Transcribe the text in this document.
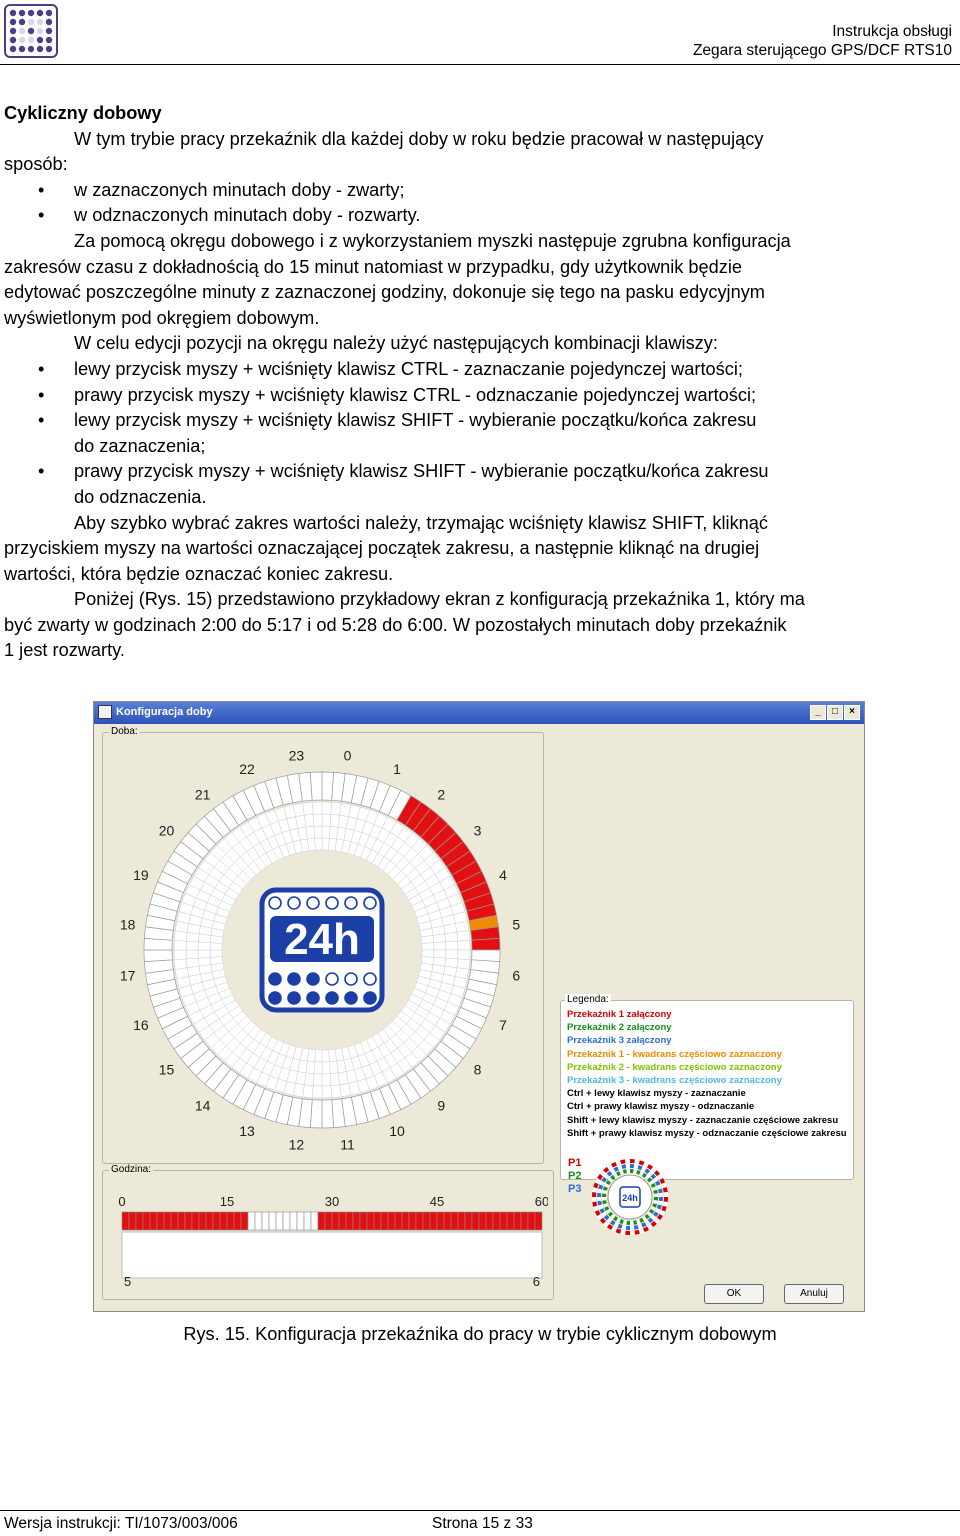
Instrukcja obsługi
Zegara sterującego GPS/DCF RTS10
Cykliczny dobowy
W tym trybie pracy przekaźnik dla każdej doby w roku będzie pracował w następujący
sposób:
• w zaznaczonych minutach doby - zwarty;
• w odznaczonych minutach doby - rozwarty.
Za pomocą okręgu dobowego i z wykorzystaniem myszki następuje zgrubna konfiguracja
zakresów czasu z dokładnością do 15 minut natomiast w przypadku, gdy użytkownik będzie
edytować poszczególne minuty z zaznaczonej godziny, dokonuje się tego na pasku edycyjnym
wyświetlonym pod okręgiem dobowym.
W celu edycji pozycji na okręgu należy użyć następujących kombinacji klawiszy:
• lewy przycisk myszy + wciśnięty klawisz CTRL - zaznaczanie pojedynczej wartości;
• prawy przycisk myszy + wciśnięty klawisz CTRL - odznaczanie pojedynczej wartości;
• lewy przycisk myszy + wciśnięty klawisz SHIFT - wybieranie początku/końca zakresu
do zaznaczenia;
• prawy przycisk myszy + wciśnięty klawisz SHIFT - wybieranie początku/końca zakresu
do odznaczenia.
Aby szybko wybrać zakres wartości należy, trzymając wciśnięty klawisz SHIFT, kliknąć
przyciskiem myszy na wartości oznaczającej początek zakresu, a następnie kliknąć na drugiej
wartości, która będzie oznaczać koniec zakresu.
Poniżej (Rys. 15) przedstawiono przykładowy ekran z konfiguracją przekaźnika 1, który ma
być zwarty w godzinach 2:00 do 5:17 i od 5:28 do 6:00. W pozostałych minutach doby przekaźnik
1 jest rozwarty.
Konfiguracja doby	_	□	×
Doba:
0
1
2
3
4
5
6
7
8
9
10
11
12
13
14
15
16
17
18
19
20
21
22
23
24h
Legenda:
Przekaźnik 1 załączony
Przekaźnik 2 załączony
Przekaźnik 3 załączony
Przekaźnik 1 - kwadrans częściowo zaznaczony
Przekaźnik 2 - kwadrans częściowo zaznaczony
Przekaźnik 3 - kwadrans częściowo zaznaczony
Ctrl + lewy klawisz myszy - zaznaczanie
Ctrl + prawy klawisz myszy - odznaczanie
Shift + lewy klawisz myszy - zaznaczanie częściowe zakresu
Shift + prawy klawisz myszy - odznaczanie częściowe zakresu
P1
P2
P3
24h
Godzina:
0	15	30	45	60
5	6
OK	Anuluj
Rys. 15. Konfiguracja przekaźnika do pracy w trybie cyklicznym dobowym
Wersja instrukcji: TI/1073/003/006	Strona 15 z 33
